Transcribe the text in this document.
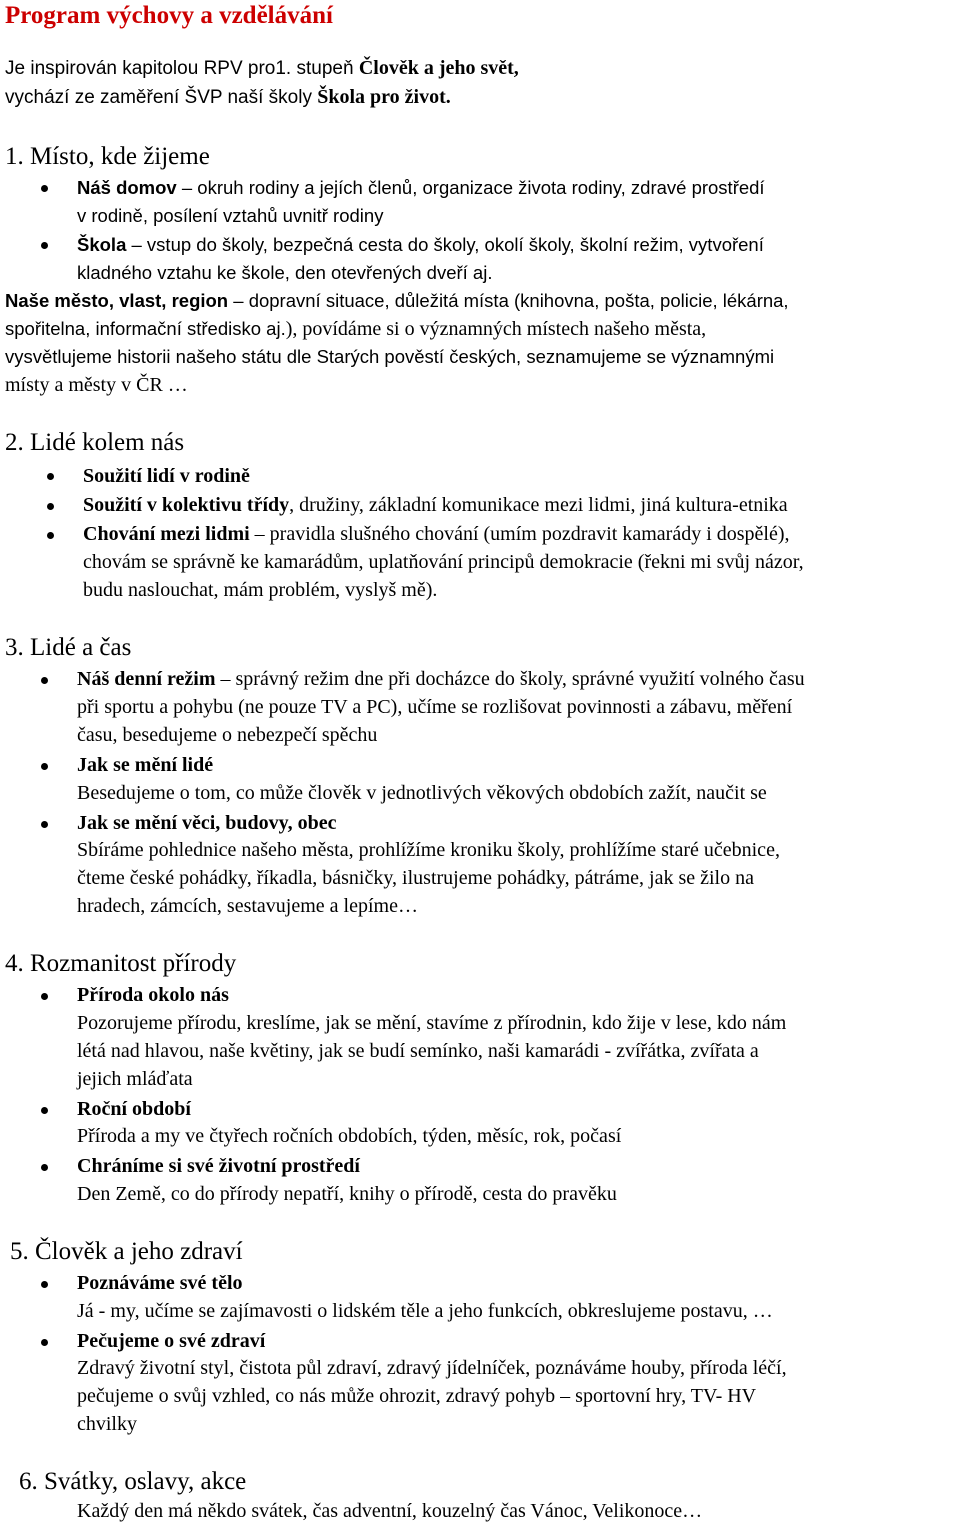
Program výchovy a vzdělávání
Je inspirován kapitolou RPV pro1. stupeň Člověk a jeho svět,
vychází ze zaměření ŠVP naší školy Škola pro život.
1. Místo, kde žijeme
Náš domov – okruh rodiny a jejích členů, organizace života rodiny, zdravé prostředí
v rodině, posílení vztahů uvnitř rodiny
Škola – vstup do školy, bezpečná cesta do školy, okolí školy, školní režim, vytvoření
kladného vztahu ke škole, den otevřených dveří aj.
Naše město, vlast, region – dopravní situace, důležitá místa (knihovna, pošta, policie, lékárna,
spořitelna, informační středisko aj.), povídáme si o významných místech našeho města,
vysvětlujeme historii našeho státu dle Starých pověstí českých, seznamujeme se významnými
místy a městy v ČR …
2. Lidé kolem nás
Soužití lidí v rodině
Soužití v kolektivu třídy, družiny, základní komunikace mezi lidmi, jiná kultura-etnika
Chování mezi lidmi – pravidla slušného chování (umím pozdravit kamarády i dospělé),
chovám se správně ke kamarádům, uplatňování principů demokracie (řekni mi svůj názor,
budu naslouchat, mám problém, vyslyš mě).
3. Lidé a čas
Náš denní režim – správný režim dne při docházce do školy, správné využití volného času
při sportu a pohybu (ne pouze TV a PC), učíme se rozlišovat povinnosti a zábavu, měření
času, besedujeme o nebezpečí spěchu
Jak se mění lidé
Besedujeme o tom, co může člověk v jednotlivých věkových obdobích zažít, naučit se
Jak se mění věci, budovy, obec
Sbíráme pohlednice našeho města, prohlížíme kroniku školy, prohlížíme staré učebnice,
čteme české pohádky, říkadla, básničky, ilustrujeme pohádky, pátráme, jak se žilo na
hradech, zámcích, sestavujeme a lepíme…
4. Rozmanitost přírody
Příroda okolo nás
Pozorujeme přírodu, kreslíme, jak se mění, stavíme z přírodnin, kdo žije v lese, kdo nám
létá nad hlavou, naše květiny, jak se budí semínko, naši kamarádi - zvířátka, zvířata a
jejich mláďata
Roční období
Příroda a my ve čtyřech ročních obdobích, týden, měsíc, rok, počasí
Chráníme si své životní prostředí
Den Země, co do přírody nepatří, knihy o přírodě, cesta do pravěku
5. Člověk a jeho zdraví
Poznáváme své tělo
Já - my, učíme se zajímavosti o lidském těle a jeho funkcích, obkreslujeme postavu, …
Pečujeme o své zdraví
Zdravý životní styl, čistota půl zdraví, zdravý jídelníček, poznáváme houby, příroda léčí,
pečujeme o svůj vzhled, co nás může ohrozit, zdravý pohyb – sportovní hry, TV- HV
chvilky
6. Svátky, oslavy, akce
Každý den má někdo svátek, čas adventní, kouzelný čas Vánoc, Velikonoce…
